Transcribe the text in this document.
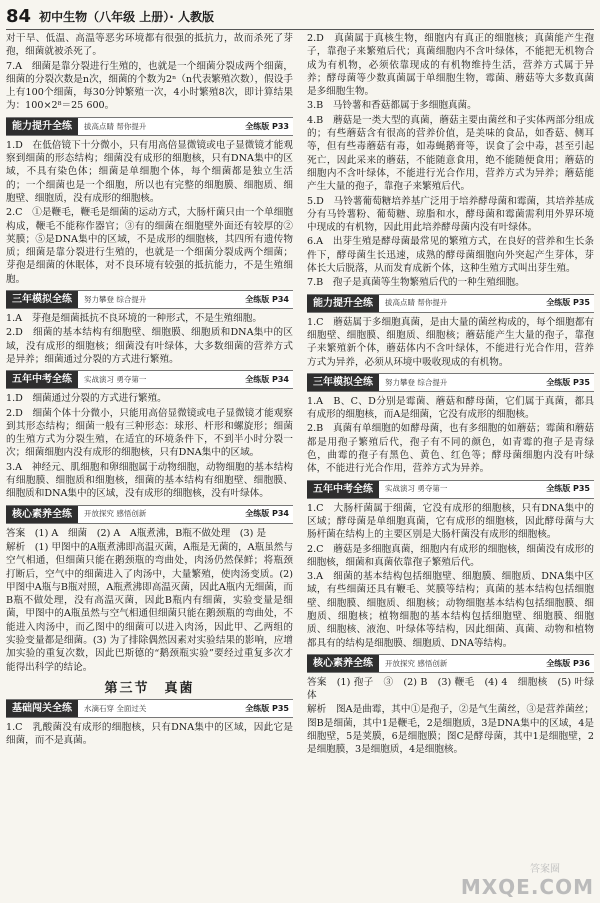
84 初中生物（八年级 上册）· 人教版

对干旱、低温、高温等恶劣环境都有很强的抵抗力，故而杀死了芽孢，细菌就被杀死了。

7.A　细菌是靠分裂进行生殖的，也就是一个细菌分裂成两个细菌，细菌的分裂次数是n次，细菌的个数为2ⁿ（n代表繁殖次数），假设手上有100个细菌，每30分钟繁殖一次，4小时繁殖8次，即计算结果为：100×2⁸＝25 600。

能力提升全练	拔高点睛 帮你提升	全练版 P33

1.D　在低倍镜下十分微小，只有用高倍显微镜或电子显微镜才能观察到细菌的形态结构；细菌没有成形的细胞核，只有DNA集中的区域，不具有染色体；细菌是单细胞个体，每个细菌都是独立生活的；一个细菌也是一个细胞，所以也有完整的细胞膜、细胞质、细胞壁、细胞质，没有成形的细胞核。

2.C　①是鞭毛，鞭毛是细菌的运动方式，大肠杆菌只由一个单细胞构成，鞭毛不能称作器官；③有的细菌在细胞壁外面还有较厚的②荚膜；⑤是DNA集中的区域，不是成形的细胞核，其四所有遗传物质；细菌是靠分裂进行生殖的，也就是一个细菌分裂成两个细菌；芽孢是细菌的休眠体，对不良环境有较强的抵抗能力，不是生殖细胞。

三年模拟全练	努力攀登 综合提升	全练版 P34

1.A　芽孢是细菌抵抗不良环境的一种形式，不是生殖细胞。

2.D　细菌的基本结构有细胞壁、细胞膜、细胞质和DNA集中的区域，没有成形的细胞核；细菌没有叶绿体，大多数细菌的营养方式是异养；细菌通过分裂的方式进行繁殖。

五年中考全练	实战演习 勇夺第一	全练版 P34

1.D　细菌通过分裂的方式进行繁殖。

2.D　细菌个体十分微小，只能用高倍显微镜或电子显微镜才能观察到其形态结构；细菌一般有三种形态：球形、杆形和螺旋形；细菌的生殖方式为分裂生殖，在适宜的环境条件下，不到半小时分裂一次；细菌细胞内没有成形的细胞核，只有DNA集中的区域。

3.A　神经元、肌细胞和卵细胞属于动物细胞，动物细胞的基本结构有细胞膜、细胞质和细胞核，细菌的基本结构有细胞壁、细胞膜、细胞质和DNA集中的区域，没有成形的细胞核，没有叶绿体。

核心素养全练	开放探究 感悟创新	全练版 P34

答案　(1) A　细菌　(2) A　A瓶煮沸，B瓶不做处理　(3) 是

解析　(1) 甲图中的A瓶煮沸即高温灭菌，A瓶是无菌的，A瓶虽然与空气相通，但细菌只能在鹅颈瓶的弯曲处，肉汤仍然保鲜；将瓶颈打断后，空气中的细菌进入了肉汤中，大量繁殖，使肉汤变质。(2) 甲图中A瓶与B瓶对照，A瓶煮沸即高温灭菌，因此A瓶内无细菌，而B瓶不做处理，没有高温灭菌，因此B瓶内有细菌，实验变量是细菌，甲图中的A瓶虽然与空气相通但细菌只能在鹅颈瓶的弯曲处，不能进入肉汤中，而乙图中的细菌可以进入肉汤，因此甲、乙两组的实验变量都是细菌。(3) 为了排除偶然因素对实验结果的影响，应增加实验的重复次数，因此巴斯德的“鹅颈瓶实验”要经过重复多次才能得出科学的结论。

第三节　真菌
基础闯关全练	水滴石穿 全面过关	全练版 P35

1.C　乳酸菌没有成形的细胞核，只有DNA集中的区域，因此它是细菌，而不是真菌。

2.D　真菌属于真核生物，细胞内有真正的细胞核；真菌能产生孢子，靠孢子来繁殖后代；真菌细胞内不含叶绿体，不能把无机物合成为有机物，必须依靠现成的有机物维持生活，营养方式属于异养；酵母菌等少数真菌属于单细胞生物，霉菌、蘑菇等大多数真菌是多细胞生物。

3.B　马铃薯和香菇都属于多细胞真菌。

4.B　蘑菇是一类大型的真菌，蘑菇主要由菌丝和子实体两部分组成的；有些蘑菇含有很高的营养价值，是美味的食品，如香菇、侧耳等，但有些毒蘑菇有毒，如毒蝇鹅膏等，误食了会中毒，甚至引起死亡，因此采来的蘑菇，不能随意食用，绝不能随便食用；蘑菇的细胞内不含叶绿体，不能进行光合作用，营养方式为异养；蘑菇能产生大量的孢子，靠孢子来繁殖后代。

5.D　马铃薯葡萄糖培养基广泛用于培养酵母菌和霉菌，其培养基成分有马铃薯粉、葡萄糖、琼脂和水，酵母菌和霉菌需利用外界环境中现成的有机物，因此用此培养酵母菌内没有叶绿体。

6.A　出芽生殖是酵母菌最常见的繁殖方式，在良好的营养和生长条件下，酵母菌生长迅速，成熟的酵母菌细胞向外突起产生芽体，芽体长大后脱落，从而发育成新个体，这种生殖方式叫出芽生殖。

7.B　孢子是真菌等生物繁殖后代的一种生殖细胞。

能力提升全练	拔高点睛 帮你提升	全练版 P35

1.C　蘑菇属于多细胞真菌，是由大量的菌丝构成的，每个细胞都有细胞壁、细胞膜、细胞质、细胞核；蘑菇能产生大量的孢子，靠孢子来繁殖新个体，蘑菇体内不含叶绿体，不能进行光合作用，营养方式为异养，必须从环境中吸收现成的有机物。

三年模拟全练	努力攀登 综合提升	全练版 P35

1.A　B、C、D分别是霉菌、蘑菇和酵母菌，它们属于真菌，都具有成形的细胞核，而A是细菌，它没有成形的细胞核。

2.B　真菌有单细胞的如酵母菌，也有多细胞的如蘑菇；霉菌和蘑菇都是用孢子繁殖后代，孢子有不同的颜色，如青霉的孢子是青绿色，曲霉的孢子有黑色、黄色、红色等；酵母菌细胞内没有叶绿体，不能进行光合作用，营养方式为异养。

五年中考全练	实战演习 勇夺第一	全练版 P35

1.C　大肠杆菌属于细菌，它没有成形的细胞核，只有DNA集中的区域；酵母菌是单细胞真菌，它有成形的细胞核，因此酵母菌与大肠杆菌在结构上的主要区别是大肠杆菌没有成形的细胞核。

2.C　蘑菇是多细胞真菌，细胞内有成形的细胞核，细菌没有成形的细胞核，细菌和真菌依靠孢子繁殖后代。

3.A　细菌的基本结构包括细胞壁、细胞膜、细胞质、DNA集中区域，有些细菌还具有鞭毛、荚膜等结构；真菌的基本结构包括细胞壁、细胞膜、细胞质、细胞核；动物细胞基本结构包括细胞膜、细胞质、细胞核；植物细胞的基本结构包括细胞壁、细胞膜、细胞质、细胞核、液泡、叶绿体等结构，因此细菌、真菌、动物和植物都具有的结构是细胞膜、细胞质、DNA等结构。

核心素养全练	开放探究 感悟创新	全练版 P36

答案　(1) 孢子　③　(2) B　(3) 鞭毛　(4) 4　细胞核　(5) 叶绿体

解析　图A是曲霉，其中①是孢子，②是气生菌丝，③是营养菌丝；图B是细菌，其中1是鞭毛，2是细胞质，3是DNA集中的区域，4是细胞壁，5是荚膜，6是细胞膜；图C是酵母菌，其中1是细胞壁，2是细胞膜，3是细胞质，4是细胞核。

答案圈
MXQE.COM
